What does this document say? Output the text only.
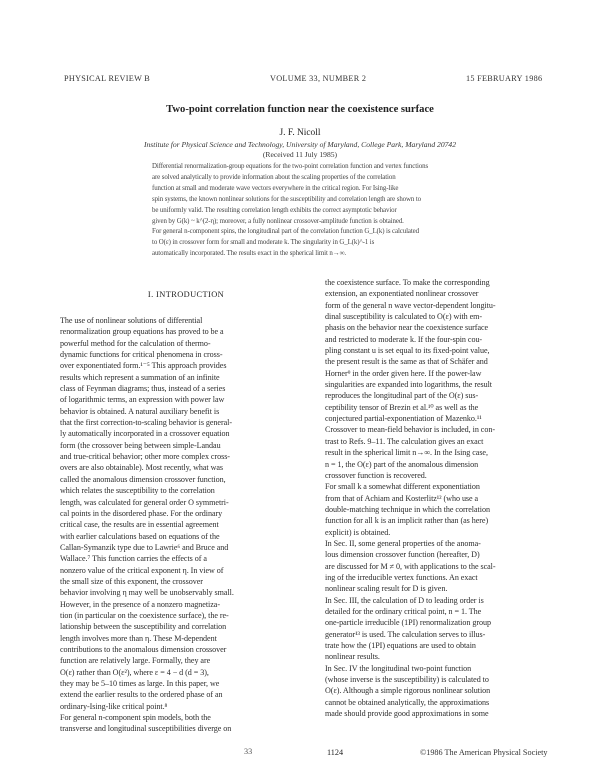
PHYSICAL REVIEW B	VOLUME 33, NUMBER 2	15 FEBRUARY 1986
Two-point correlation function near the coexistence surface
J. F. Nicoll
Institute for Physical Science and Technology, University of Maryland, College Park, Maryland 20742
(Received 11 July 1985)
Differential renormalization-group equations for the two-point correlation function and vertex functions
are solved analytically to provide information about the scaling properties of the correlation
function at small and moderate wave vectors everywhere in the critical region. For Ising-like
spin systems, the known nonlinear solutions for the susceptibility and correlation length are shown to
be uniformly valid. The resulting correlation length exhibits the correct asymptotic behavior
given by G(k) ~ k^(2-η); moreover, a fully nonlinear crossover-amplitude function is obtained.
For general n-component spins, the longitudinal part of the correlation function G_L(k) is calculated
to O(ε) in crossover form for small and moderate k. The singularity in G_L(k)^-1 is
automatically incorporated. The results exact in the spherical limit n→∞.
I. INTRODUCTION
The use of nonlinear solutions of differential
renormalization group equations has proved to be a
powerful method for the calculation of thermo-
dynamic functions for critical phenomena in cross-
over exponentiated form.¹⁻⁵ This approach provides
results which represent a summation of an infinite
class of Feynman diagrams; thus, instead of a series
of logarithmic terms, an expression with power law
behavior is obtained. A natural auxiliary benefit is
that the first correction-to-scaling behavior is general-
ly automatically incorporated in a crossover equation
form (the crossover being between simple-Landau
and true-critical behavior; other more complex cross-
overs are also obtainable). Most recently, what was
called the anomalous dimension crossover function,
which relates the susceptibility to the correlation
length, was calculated for general order O symmetri-
cal points in the disordered phase. For the ordinary
critical case, the results are in essential agreement
with earlier calculations based on equations of the
Callan-Symanzik type due to Lawrie⁶ and Bruce and
Wallace.⁷ This function carries the effects of a
nonzero value of the critical exponent η. In view of
the small size of this exponent, the crossover
behavior involving η may well be unobservably small.
However, in the presence of a nonzero magnetiza-
tion (in particular on the coexistence surface), the re-
lationship between the susceptibility and correlation
length involves more than η. These M-dependent
contributions to the anomalous dimension crossover
function are relatively large. Formally, they are
O(ε) rather than O(ε²), where ε = 4 − d (d = 3),
they may be 5–10 times as large. In this paper, we
extend the earlier results to the ordered phase of an
ordinary-Ising-like critical point.⁸
For general n-component spin models, both the
transverse and longitudinal susceptibilities diverge on
the coexistence surface. To make the corresponding
extension, an exponentiated nonlinear crossover
form of the general n wave vector-dependent longitu-
dinal susceptibility is calculated to O(ε) with em-
phasis on the behavior near the coexistence surface
and restricted to moderate k. If the four-spin cou-
pling constant u is set equal to its fixed-point value,
the present result is the same as that of Schäfer and
Horner⁹ in the order given here. If the power-law
singularities are expanded into logarithms, the result
reproduces the longitudinal part of the O(ε) sus-
ceptibility tensor of Brezin et al.¹⁰ as well as the
conjectured partial-exponentiation of Mazenko.¹¹
Crossover to mean-field behavior is included, in con-
trast to Refs. 9–11. The calculation gives an exact
result in the spherical limit n→∞. In the Ising case,
n = 1, the O(ε) part of the anomalous dimension
crossover function is recovered.
For small k a somewhat different exponentiation
from that of Achiam and Kosterlitz¹² (who use a
double-matching technique in which the correlation
function for all k is an implicit rather than (as here)
explicit) is obtained.
In Sec. II, some general properties of the anoma-
lous dimension crossover function (hereafter, D)
are discussed for M ≠ 0, with applications to the scal-
ing of the irreducible vertex functions. An exact
nonlinear scaling result for D is given.
In Sec. III, the calculation of D to leading order is
detailed for the ordinary critical point, n = 1. The
one-particle irreducible (1PI) renormalization group
generator¹³ is used. The calculation serves to illus-
trate how the (1PI) equations are used to obtain
nonlinear results.
In Sec. IV the longitudinal two-point function
(whose inverse is the susceptibility) is calculated to
O(ε). Although a simple rigorous nonlinear solution
cannot be obtained analytically, the approximations
made should provide good approximations in some
33	1124	©1986 The American Physical Society
